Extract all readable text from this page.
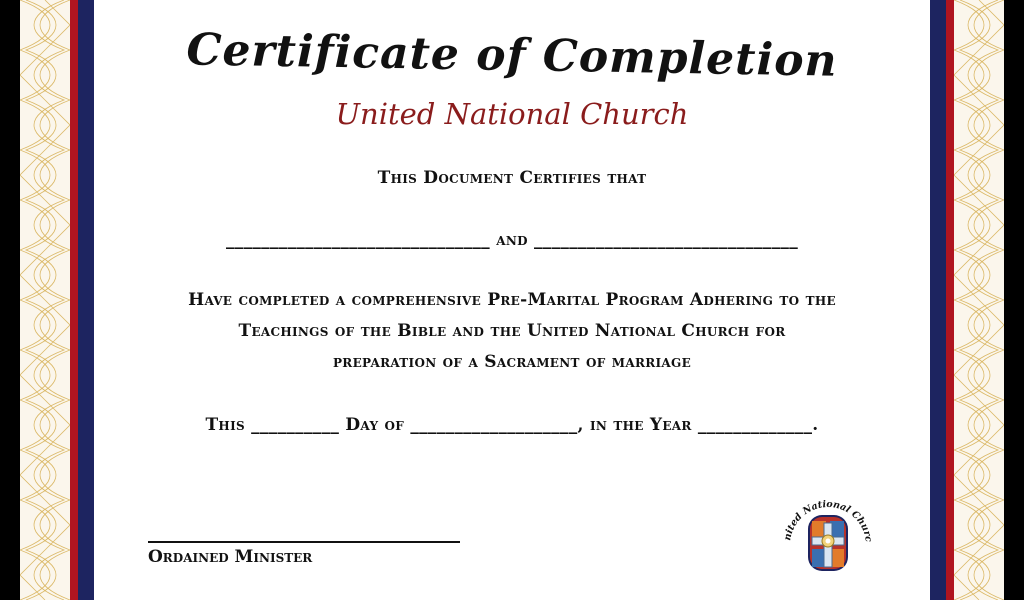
Certificate of Completion
United National Church
This Document Certifies that
______________________________ and ______________________________
Have completed a comprehensive Pre-Marital Program Adhering to the
Teachings of the Bible and the United National Church for
preparation of a Sacrament of marriage
This __________ Day of ___________________, in the Year _____________.
Ordained Minister
nited National Churc
